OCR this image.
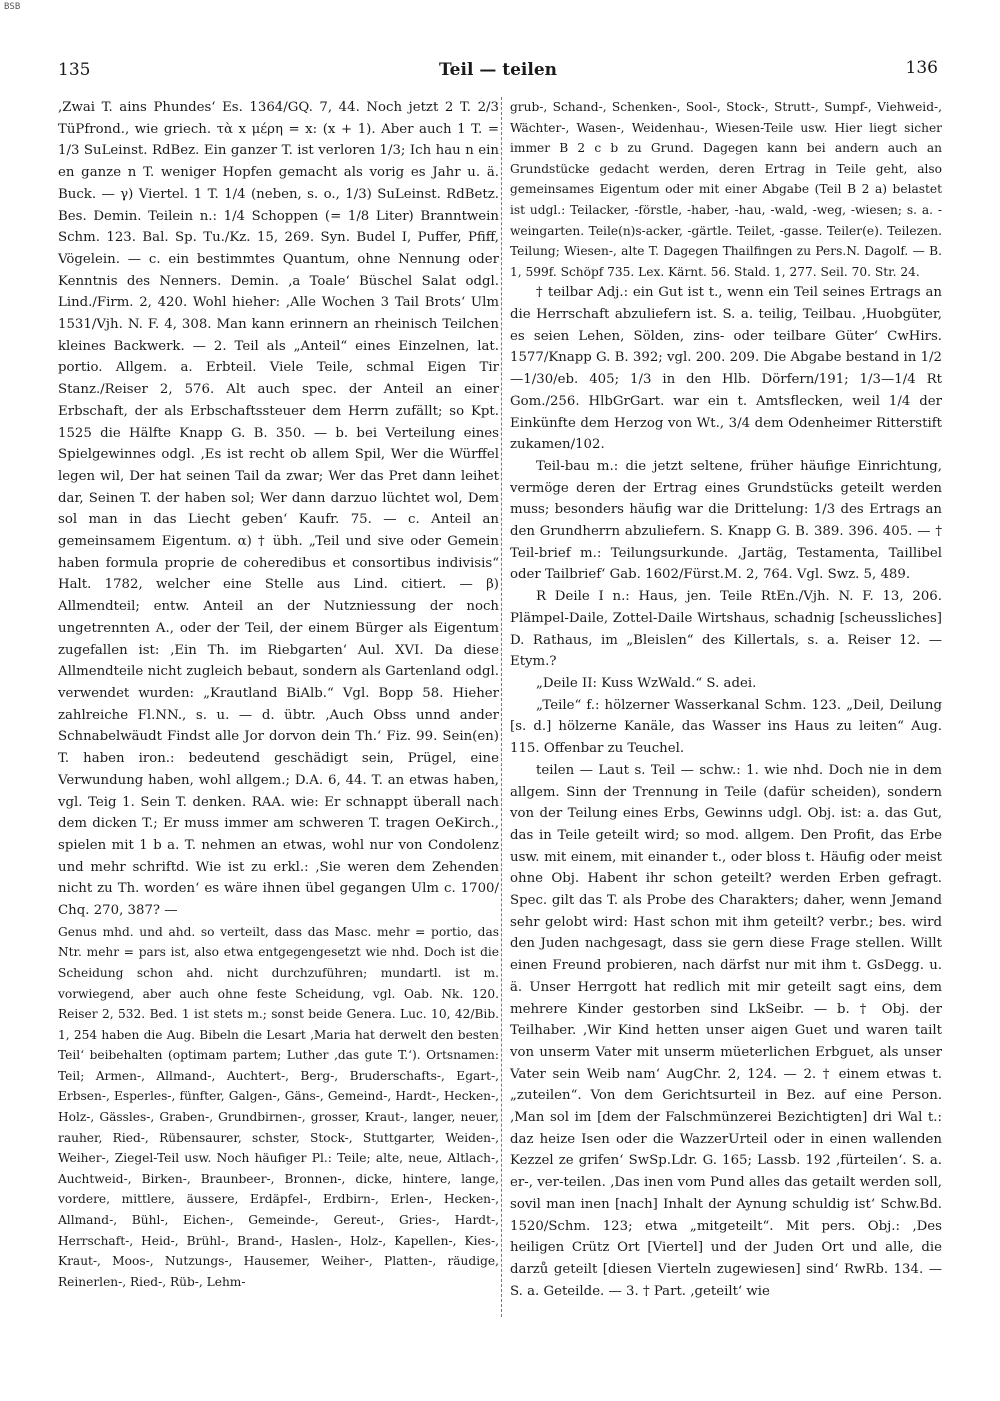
BSB
135	Teil — teilen	136

,Zwai T. ains Phundes‘ Es. 1364/GQ. 7, 44. Noch jetzt 2 T. 2/3 TüPfrond., wie griech. τὰ x μέρη = x: (x + 1). Aber auch 1 T. = 1/3 SuLeinst. RdBez. Ein ganzer T. ist verloren 1/3; Ich hau n ein en ganze n T. weniger Hopfen gemacht als vorig es Jahr u. ä. Buck. — γ) Viertel. 1 T. 1/4 (neben, s. o., 1/3) SuLeinst. RdBetz. Bes. Demin. Teilein n.: 1/4 Schoppen (= 1/8 Liter) Branntwein Schm. 123. Bal. Sp. Tu./Kz. 15, 269. Syn. Budel I, Puffer, Pfiff, Vögelein. — c. ein bestimmtes Quantum, ohne Nennung oder Kenntnis des Nenners. Demin. ‚a Toale‘ Büschel Salat odgl. Lind./Firm. 2, 420. Wohl hieher: ‚Alle Wochen 3 Tail Brots‘ Ulm 1531/Vjh. N. F. 4, 308. Man kann erinnern an rheinisch Teilchen kleines Backwerk. — 2. Teil als „Anteil“ eines Einzelnen, lat. portio. Allgem. a. Erbteil. Viele Teile, schmal Eigen Tir Stanz./Reiser 2, 576. Alt auch spec. der Anteil an einer Erbschaft, der als Erbschaftssteuer dem Herrn zufällt; so Kpt. 1525 die Hälfte Knapp G. B. 350. — b. bei Verteilung eines Spielgewinnes odgl. ‚Es ist recht ob allem Spil, Wer die Würffel legen wil, Der hat seinen Tail da zwar; Wer das Pret dann leihet dar, Seinen T. der haben sol; Wer dann darzuo lüchtet wol, Dem sol man in das Liecht geben‘ Kaufr. 75. — c. Anteil an gemeinsamem Eigentum. α) † übh. „Teil und sive oder Gemein haben formula proprie de coheredibus et consortibus indivisis“ Halt. 1782, welcher eine Stelle aus Lind. citiert. — β) Allmendteil; entw. Anteil an der Nutzniessung der noch ungetrennten A., oder der Teil, der einem Bürger als Eigentum zugefallen ist: ‚Ein Th. im Riebgarten‘ Aul. XVI. Da diese Allmendteile nicht zugleich bebaut, sondern als Gartenland odgl. verwendet wurden: „Krautland BiAlb.“ Vgl. Bopp 58. Hieher zahlreiche Fl.NN., s. u. — d. übtr. ‚Auch Obss unnd ander Schnabelwäudt Findst alle Jor dorvon dein Th.‘ Fiz. 99. Sein(en) T. haben iron.: bedeutend geschädigt sein, Prügel, eine Verwundung haben, wohl allgem.; D.A. 6, 44. T. an etwas haben, vgl. Teig 1. Sein T. denken. RAA. wie: Er schnappt überall nach dem dicken T.; Er muss immer am schweren T. tragen OeKirch., spielen mit 1 b a. T. nehmen an etwas, wohl nur von Condolenz und mehr schriftd. Wie ist zu erkl.: ‚Sie weren dem Zehenden nicht zu Th. worden‘ es wäre ihnen übel gegangen Ulm c. 1700/ Chq. 270, 387? —

Genus mhd. und ahd. so verteilt, dass das Masc. mehr = portio, das Ntr. mehr = pars ist, also etwa entgegengesetzt wie nhd. Doch ist die Scheidung schon ahd. nicht durchzuführen; mundartl. ist m. vorwiegend, aber auch ohne feste Scheidung, vgl. Oab. Nk. 120. Reiser 2, 532. Bed. 1 ist stets m.; sonst beide Genera. Luc. 10, 42/Bib. 1, 254 haben die Aug. Bibeln die Lesart ‚Maria hat derwelt den besten Teil‘ beibehalten (optimam partem; Luther ‚das gute T.‘). Ortsnamen: Teil; Armen-, Allmand-, Auchtert-, Berg-, Bruderschafts-, Egart-, Erbsen-, Esperles-, fünfter, Galgen-, Gäns-, Gemeind-, Hardt-, Hecken-, Holz-, Gässles-, Graben-, Grundbirnen-, grosser, Kraut-, langer, neuer, rauher, Ried-, Rübensaurer, schster, Stock-, Stuttgarter, Weiden-, Weiher-, Ziegel-Teil usw. Noch häufiger Pl.: Teile; alte, neue, Altlach-, Auchtweid-, Birken-, Braunbeer-, Bronnen-, dicke, hintere, lange, vordere, mittlere, äussere, Erdäpfel-, Erdbirn-, Erlen-, Hecken-, Allmand-, Bühl-, Eichen-, Gemeinde-, Gereut-, Gries-, Hardt-, Herrschaft-, Heid-, Brühl-, Brand-, Haslen-, Holz-, Kapellen-, Kies-, Kraut-, Moos-, Nutzungs-, Hausemer, Weiher-, Platten-, räudige, Reinerlen-, Ried-, Rüb-, Lehm-

grub-, Schand-, Schenken-, Sool-, Stock-, Strutt-, Sumpf-, Viehweid-, Wächter-, Wasen-, Weidenhau-, Wiesen-Teile usw. Hier liegt sicher immer B 2 c b zu Grund. Dagegen kann bei andern auch an Grundstücke gedacht werden, deren Ertrag in Teile geht, also gemeinsames Eigentum oder mit einer Abgabe (Teil B 2 a) belastet ist udgl.: Teilacker, -förstle, -haber, -hau, -wald, -weg, -wiesen; s. a. -weingarten. Teile(n)s-acker, -gärtle. Teilet, -gasse. Teiler(e). Teilezen. Teilung; Wiesen-, alte T. Dagegen Thailfingen zu Pers.N. Dagolf. — B. 1, 599f. Schöpf 735. Lex. Kärnt. 56. Stald. 1, 277. Seil. 70. Str. 24.

† teilbar Adj.: ein Gut ist t., wenn ein Teil seines Ertrags an die Herrschaft abzuliefern ist. S. a. teilig, Teilbau. ‚Huobgüter, es seien Lehen, Sölden, zins- oder teilbare Güter‘ CwHirs. 1577/Knapp G. B. 392; vgl. 200. 209. Die Abgabe bestand in 1/2—1/30/eb. 405; 1/3 in den Hlb. Dörfern/191; 1/3—1/4 Rt Gom./256. HlbGrGart. war ein t. Amtsflecken, weil 1/4 der Einkünfte dem Herzog von Wt., 3/4 dem Odenheimer Ritterstift zukamen/102.

Teil-bau m.: die jetzt seltene, früher häufige Einrichtung, vermöge deren der Ertrag eines Grundstücks geteilt werden muss; besonders häufig war die Drittelung: 1/3 des Ertrags an den Grundherrn abzuliefern. S. Knapp G. B. 389. 396. 405. — † Teil-brief m.: Teilungsurkunde. ‚Jartäg, Testamenta, Taillibel oder Tailbrief‘ Gab. 1602/Fürst.M. 2, 764. Vgl. Swz. 5, 489.

R Deile I n.: Haus, jen. Teile RtEn./Vjh. N. F. 13, 206. Plämpel-Daile, Zottel-Daile Wirtshaus, schadnig [scheussliches] D. Rathaus, im „Bleislen“ des Killertals, s. a. Reiser 12. — Etym.?

„Deile II: Kuss WzWald.“ S. adei.

„Teile“ f.: hölzerner Wasserkanal Schm. 123. „Deil, Deilung [s. d.] hölzerne Kanäle, das Wasser ins Haus zu leiten“ Aug. 115. Offenbar zu Teuchel.

teilen — Laut s. Teil — schw.: 1. wie nhd. Doch nie in dem allgem. Sinn der Trennung in Teile (dafür scheiden), sondern von der Teilung eines Erbs, Gewinns udgl. Obj. ist: a. das Gut, das in Teile geteilt wird; so mod. allgem. Den Profit, das Erbe usw. mit einem, mit einander t., oder bloss t. Häufig oder meist ohne Obj. Habent ihr schon geteilt? werden Erben gefragt. Spec. gilt das T. als Probe des Charakters; daher, wenn Jemand sehr gelobt wird: Hast schon mit ihm geteilt? verbr.; bes. wird den Juden nachgesagt, dass sie gern diese Frage stellen. Willt einen Freund probieren, nach därfst nur mit ihm t. GsDegg. u. ä. Unser Herrgott hat redlich mit mir geteilt sagt eins, dem mehrere Kinder gestorben sind LkSeibr. — b. † Obj. der Teilhaber. ‚Wir Kind hetten unser aigen Guet und waren tailt von unserm Vater mit unserm müeterlichen Erbguet, als unser Vater sein Weib nam‘ AugChr. 2, 124. — 2. † einem etwas t. „zuteilen“. Von dem Gerichtsurteil in Bez. auf eine Person. ‚Man sol im [dem der Falschmünzerei Bezichtigten] dri Wal t.: daz heize Isen oder die WazzerUrteil oder in einen wallenden Kezzel ze grifen‘ SwSp.Ldr. G. 165; Lassb. 192 ‚fürteilen‘. S. a. er-, ver-teilen. ‚Das inen vom Pund alles das getailt werden soll, sovil man inen [nach] Inhalt der Aynung schuldig ist‘ Schw.Bd. 1520/Schm. 123; etwa „mitgeteilt“. Mit pers. Obj.: ‚Des heiligen Crütz Ort [Viertel] und der Juden Ort und alle, die darzů geteilt [diesen Vierteln zugewiesen] sind‘ RwRb. 134. — S. a. Geteilde. — 3. † Part. ‚geteilt‘ wie
